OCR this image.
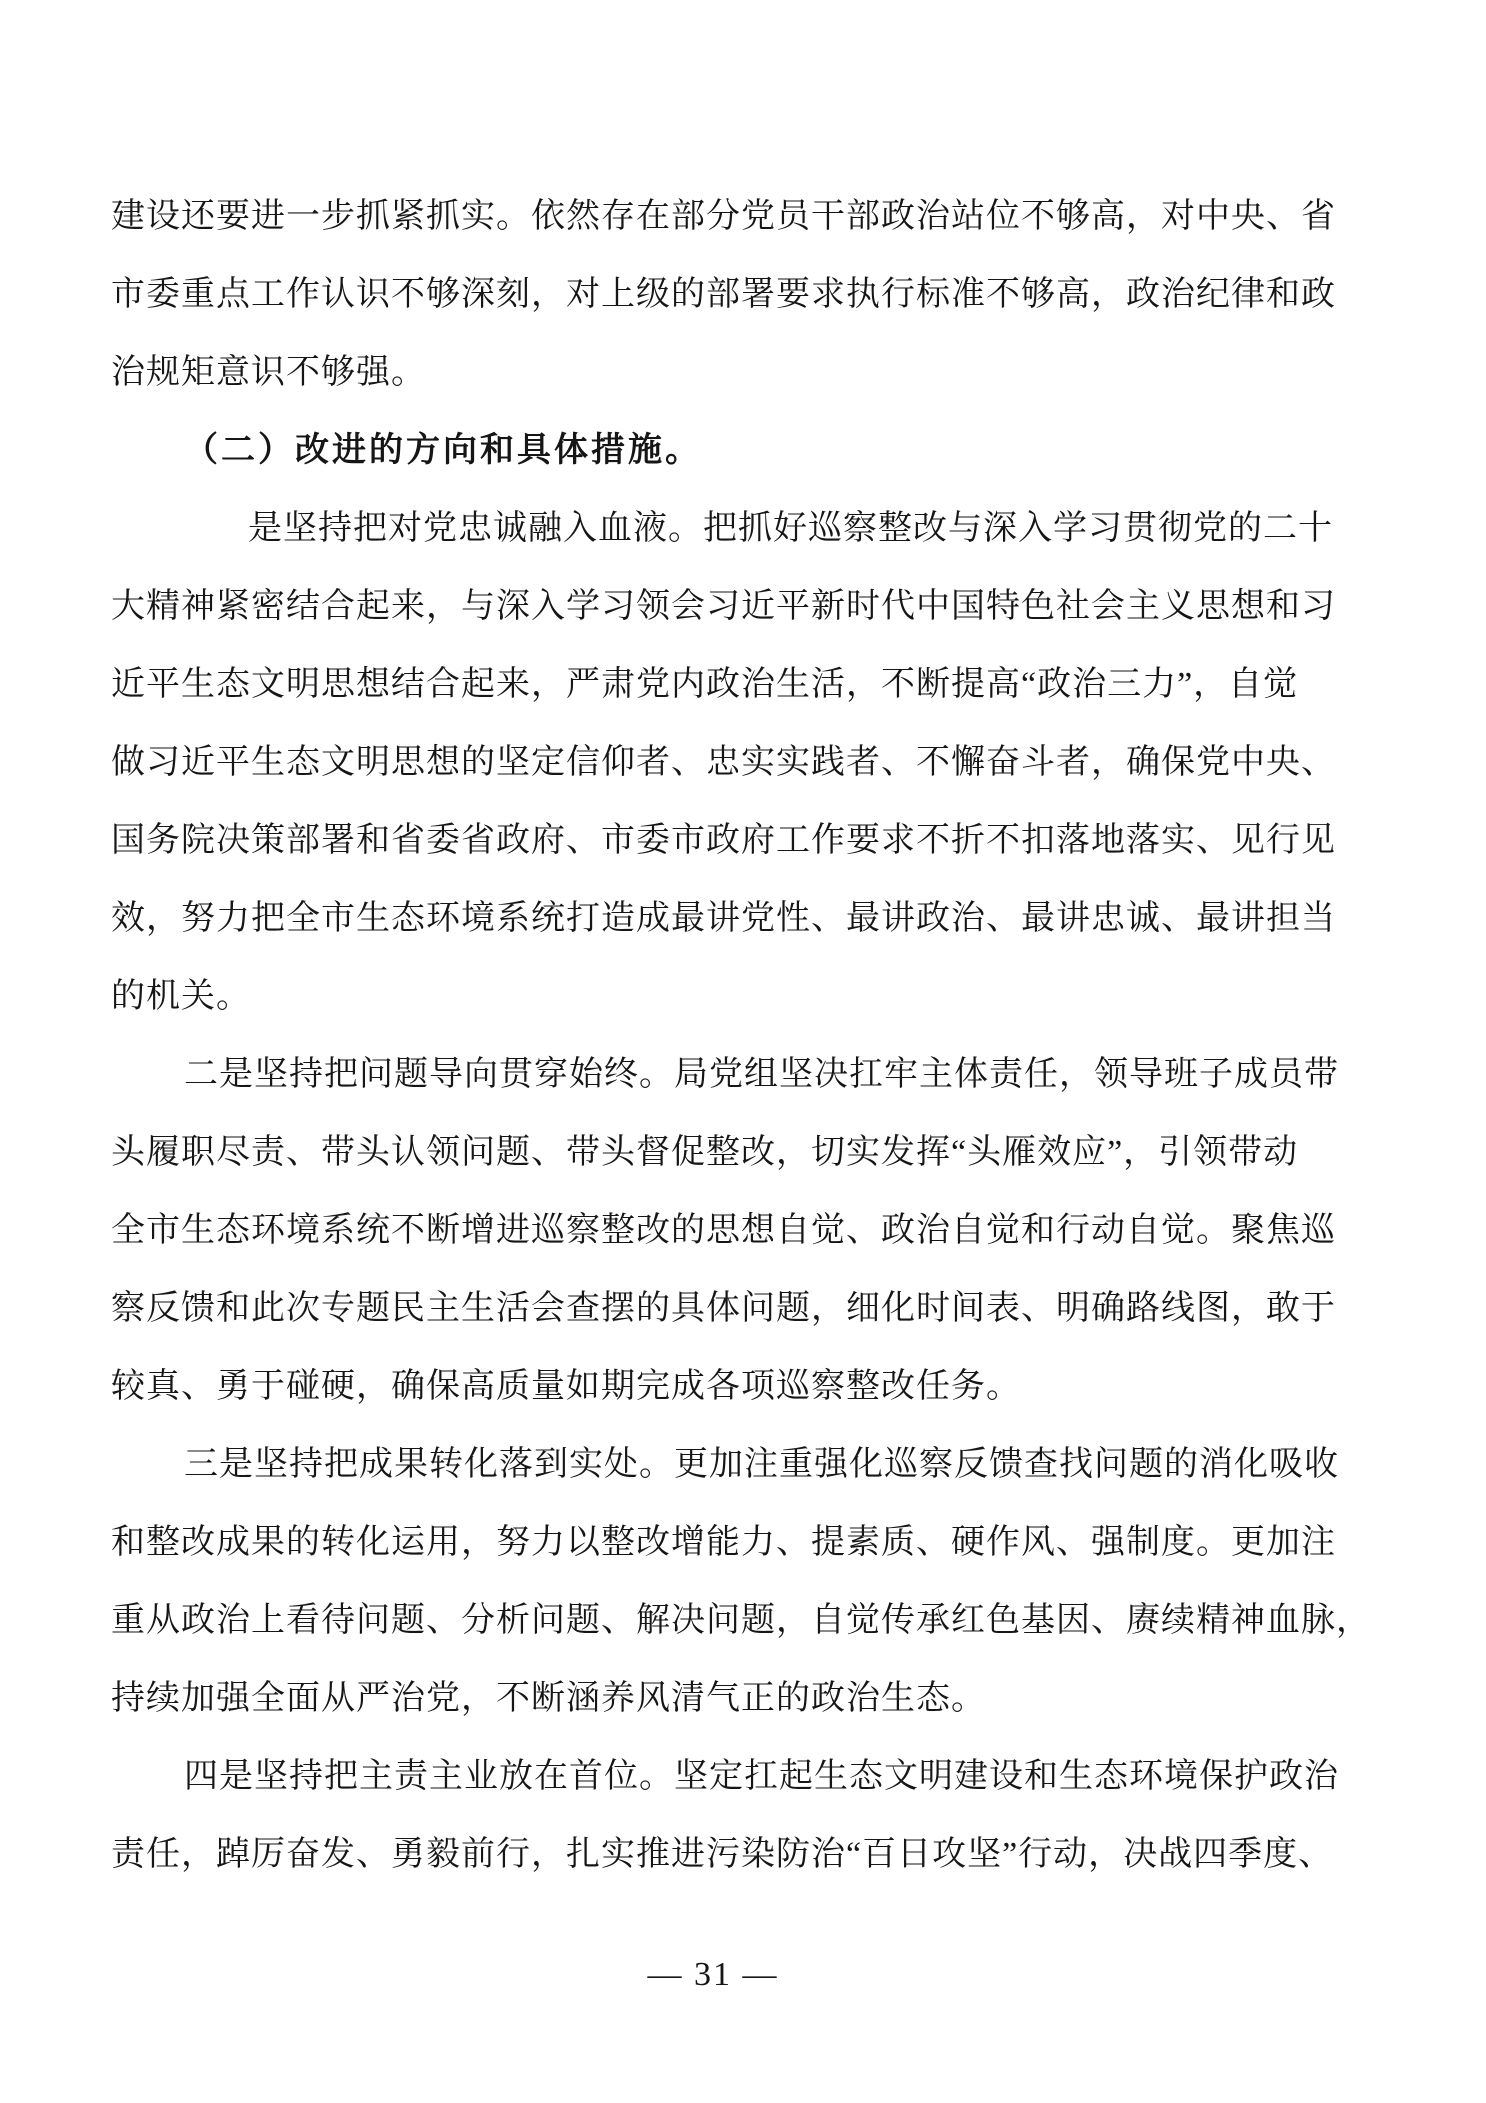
建设还要进一步抓紧抓实。依然存在部分党员干部政治站位不够高，对中央、省
市委重点工作认识不够深刻，对上级的部署要求执行标准不够高，政治纪律和政
治规矩意识不够强。
（二）改进的方向和具体措施。
是坚持把对党忠诚融入血液。把抓好巡察整改与深入学习贯彻党的二十
大精神紧密结合起来，与深入学习领会习近平新时代中国特色社会主义思想和习
近平生态文明思想结合起来，严肃党内政治生活，不断提高“政治三力”，自觉
做习近平生态文明思想的坚定信仰者、忠实实践者、不懈奋斗者，确保党中央、
国务院决策部署和省委省政府、市委市政府工作要求不折不扣落地落实、见行见
效，努力把全市生态环境系统打造成最讲党性、最讲政治、最讲忠诚、最讲担当
的机关。
二是坚持把问题导向贯穿始终。局党组坚决扛牢主体责任，领导班子成员带
头履职尽责、带头认领问题、带头督促整改，切实发挥“头雁效应”，引领带动
全市生态环境系统不断增进巡察整改的思想自觉、政治自觉和行动自觉。聚焦巡
察反馈和此次专题民主生活会查摆的具体问题，细化时间表、明确路线图，敢于
较真、勇于碰硬，确保高质量如期完成各项巡察整改任务。
三是坚持把成果转化落到实处。更加注重强化巡察反馈查找问题的消化吸收
和整改成果的转化运用，努力以整改增能力、提素质、硬作风、强制度。更加注
重从政治上看待问题、分析问题、解决问题，自觉传承红色基因、赓续精神血脉，
持续加强全面从严治党，不断涵养风清气正的政治生态。
四是坚持把主责主业放在首位。坚定扛起生态文明建设和生态环境保护政治
责任，踔厉奋发、勇毅前行，扎实推进污染防治“百日攻坚”行动，决战四季度、
— 31 —
